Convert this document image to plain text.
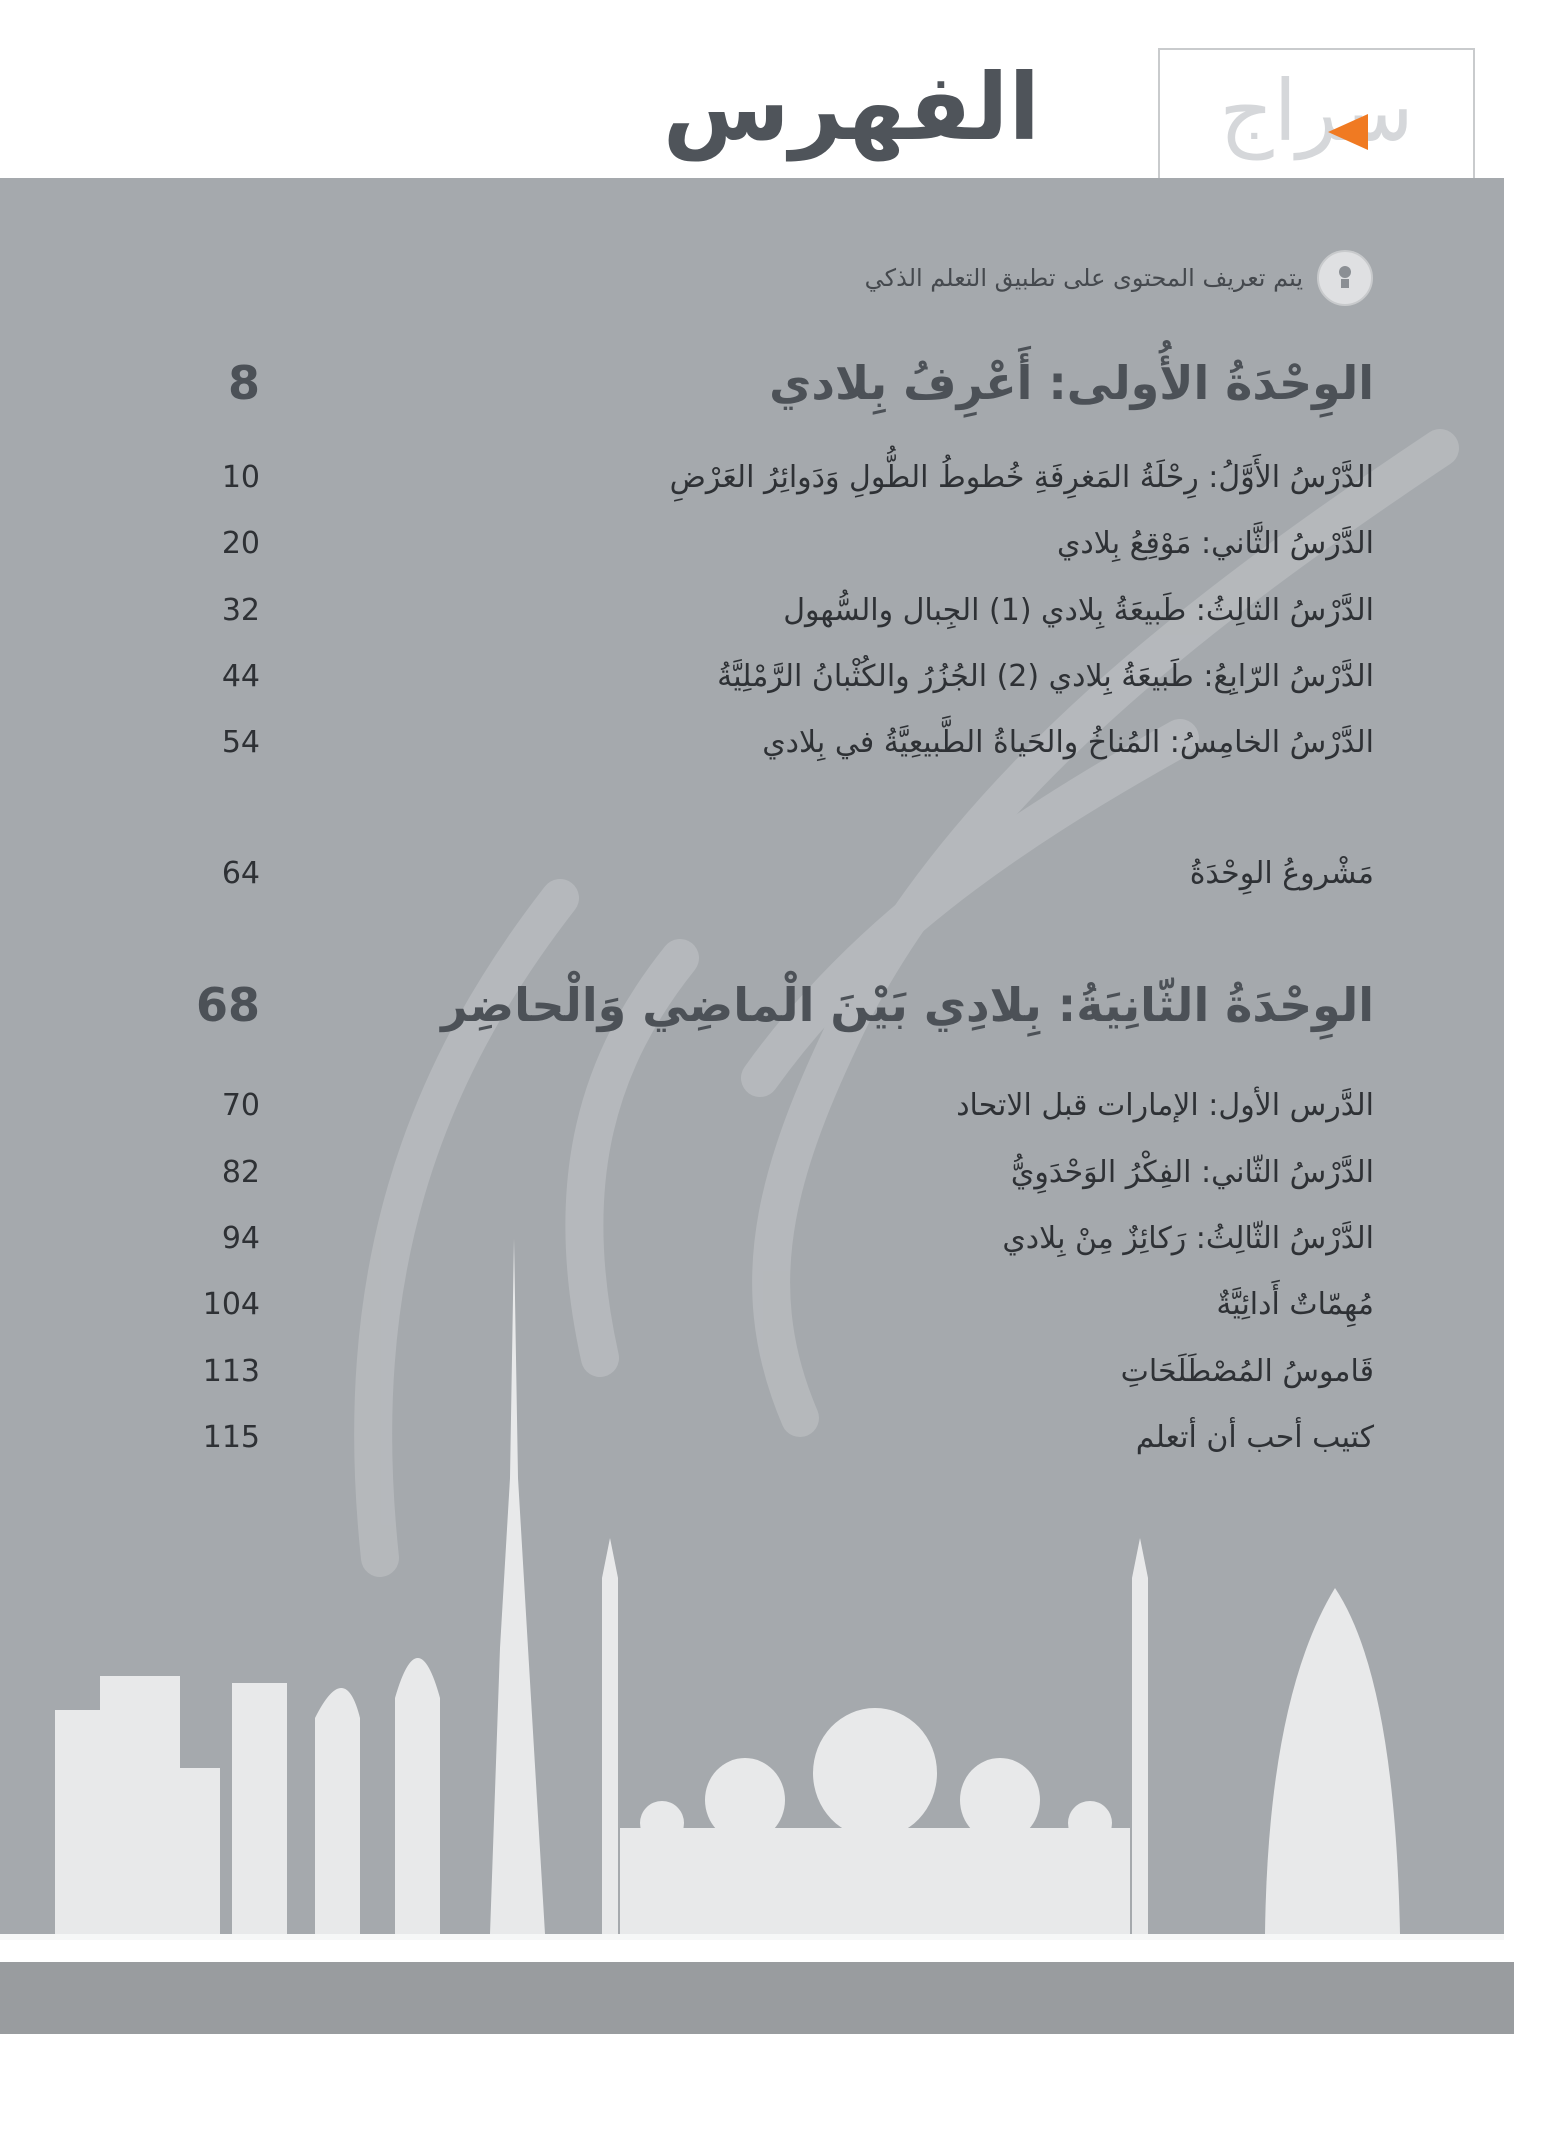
الفهرس	سراج
يتم تعريف المحتوى على تطبيق التعلم الذكي
8	الوِحْدَةُ الأُولى: أَعْرِفُ بِلادي
10	الدَّرْسُ الأَوَّلُ: رِحْلَةُ المَغرِفَةِ خُطوطُ الطُّولِ وَدَوائِرُ العَرْضِ
20	الدَّرْسُ الثَّاني: مَوْقِعُ بِلادي
32	الدَّرْسُ الثالِثُ: طَبيعَةُ بِلادي (1) الجِبال والسُّهول
44	الدَّرْسُ الرّابِعُ: طَبيعَةُ بِلادي (2) الجُزُرُ والكُثْبانُ الرَّمْلِيَّةُ
54	الدَّرْسُ الخامِسُ: المُناخُ والحَياةُ الطَّبيعِيَّةُ في بِلادي
64	مَشْروعُ الوِحْدَةُ
68	الوِحْدَةُ الثّانِيَةُ: بِلادِي بَيْنَ الْماضِي وَالْحاضِر
70	الدَّرس الأول: الإمارات قبل الاتحاد
82	الدَّرْسُ الثّاني: الفِكْرُ الوَحْدَوِيُّ
94	الدَّرْسُ الثّالِثُ: رَكائِزٌ مِنْ بِلادي
104	مُهِمّاتٌ أَدائِيَّةٌ
113	قَاموسُ المُصْطَلَحَاتِ
115	كتيب أحب أن أتعلم
